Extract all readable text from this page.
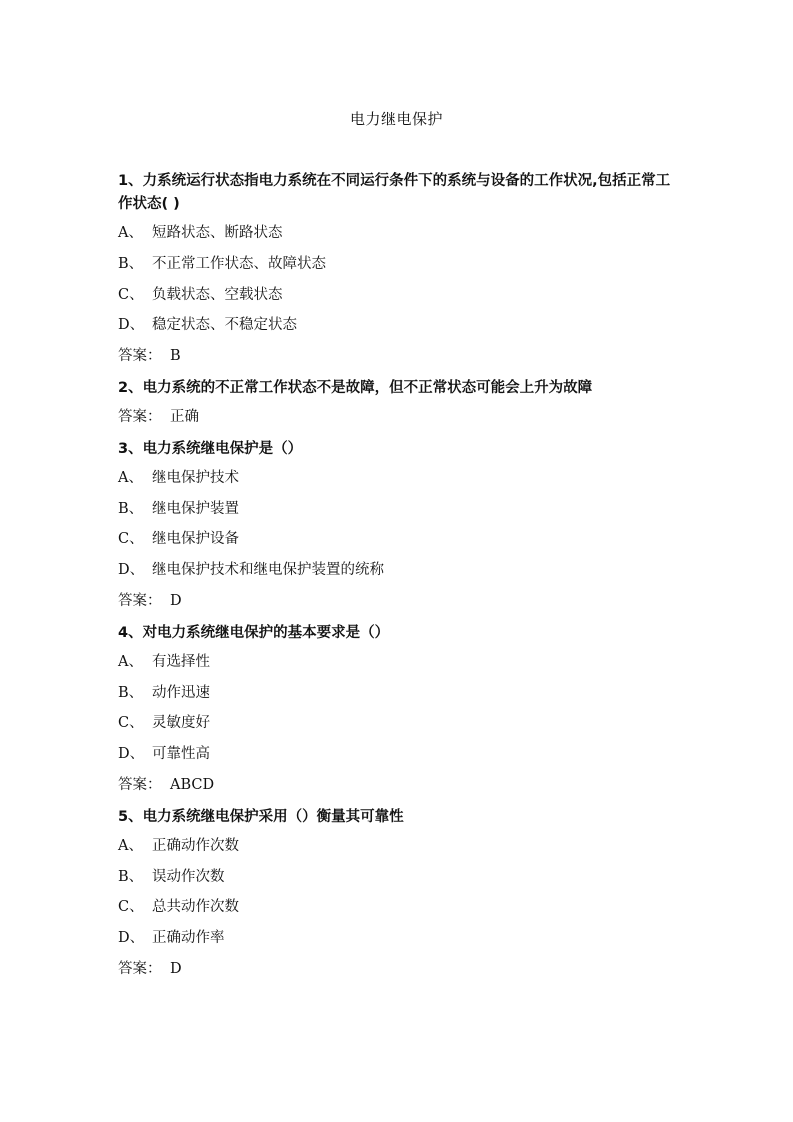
电力继电保护
1、力系统运行状态指电力系统在不同运行条件下的系统与设备的工作状况,包括正常工作状态( )
A、 短路状态、断路状态
B、 不正常工作状态、故障状态
C、 负载状态、空载状态
D、 稳定状态、不稳定状态
答案： B
2、电力系统的不正常工作状态不是故障，但不正常状态可能会上升为故障
答案： 正确
3、电力系统继电保护是（）
A、 继电保护技术
B、 继电保护装置
C、 继电保护设备
D、 继电保护技术和继电保护装置的统称
答案： D
4、对电力系统继电保护的基本要求是（）
A、 有选择性
B、 动作迅速
C、 灵敏度好
D、 可靠性高
答案： ABCD
5、电力系统继电保护采用（）衡量其可靠性
A、 正确动作次数
B、 误动作次数
C、 总共动作次数
D、 正确动作率
答案： D
